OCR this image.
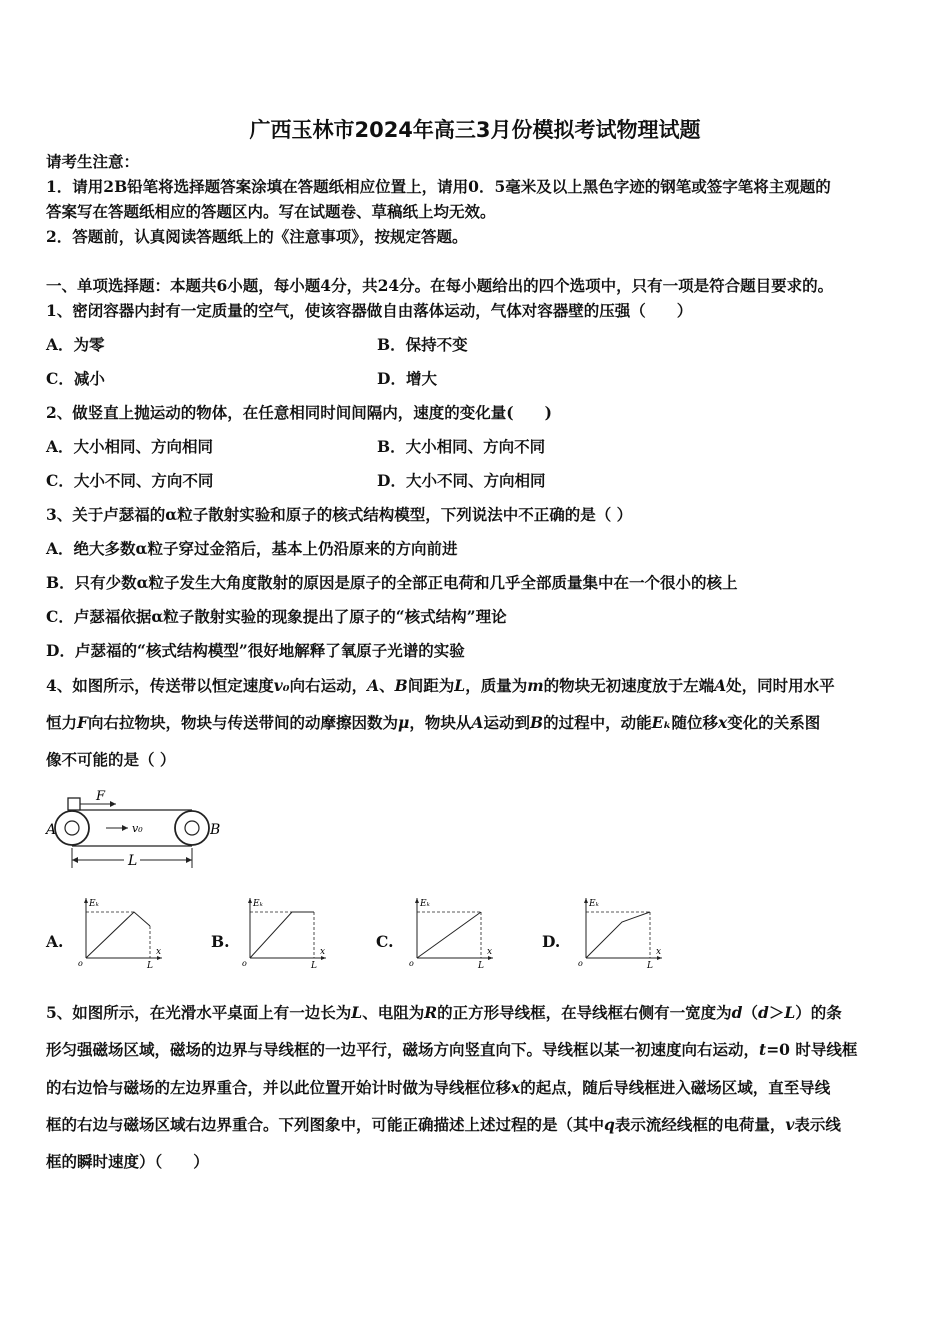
广西玉林市2024年高三3月份模拟考试物理试题
请考生注意：
1．请用2B铅笔将选择题答案涂填在答题纸相应位置上，请用0．5毫米及以上黑色字迹的钢笔或签字笔将主观题的
答案写在答题纸相应的答题区内。写在试题卷、草稿纸上均无效。
2．答题前，认真阅读答题纸上的《注意事项》，按规定答题。
一、单项选择题：本题共6小题，每小题4分，共24分。在每小题给出的四个选项中，只有一项是符合题目要求的。
1、密闭容器内封有一定质量的空气，使该容器做自由落体运动，气体对容器壁的压强（　　）
A．为零	B．保持不变
C．减小	D．增大
2、做竖直上抛运动的物体，在任意相同时间间隔内，速度的变化量(　　)
A．大小相同、方向相同	B．大小相同、方向不同
C．大小不同、方向不同	D．大小不同、方向相同
3、关于卢瑟福的α粒子散射实验和原子的核式结构模型，下列说法中不正确的是（ ）
A．绝大多数α粒子穿过金箔后，基本上仍沿原来的方向前进
B．只有少数α粒子发生大角度散射的原因是原子的全部正电荷和几乎全部质量集中在一个很小的核上
C．卢瑟福依据α粒子散射实验的现象提出了原子的“核式结构”理论
D．卢瑟福的“核式结构模型”很好地解释了氧原子光谱的实验
4、如图所示，传送带以恒定速度v₀向右运动，A、B间距为L，质量为m的物块无初速度放于左端A处，同时用水平
恒力F向右拉物块，物块与传送带间的动摩擦因数为μ，物块从A运动到B的过程中，动能Eₖ随位移x变化的关系图
像不可能的是（ ）
F
v₀
A	B
L
A.	B.	C.	D.
Eₖ
x
o	L
Eₖ
x
o	L
Eₖ
x
o	L
Eₖ
x
o	L
5、如图所示，在光滑水平桌面上有一边长为L、电阻为R的正方形导线框，在导线框右侧有一宽度为d（d＞L）的条
形匀强磁场区域，磁场的边界与导线框的一边平行，磁场方向竖直向下。导线框以某一初速度向右运动，t=0 时导线框
的右边恰与磁场的左边界重合，并以此位置开始计时做为导线框位移x的起点，随后导线框进入磁场区域，直至导线
框的右边与磁场区域右边界重合。下列图象中，可能正确描述上述过程的是（其中q表示流经线框的电荷量，v表示线
框的瞬时速度）（　　）
